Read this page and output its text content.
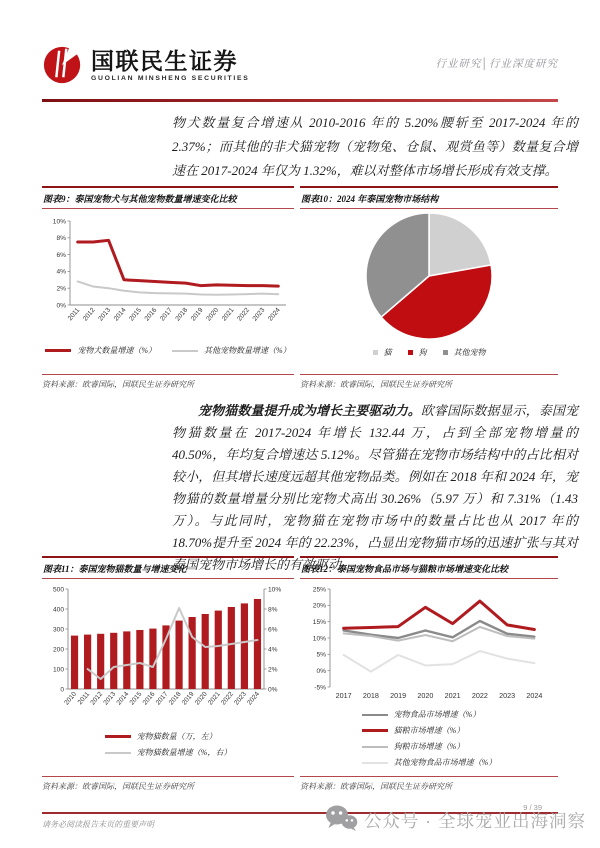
国联民生证券
GUOLIAN MINSHENG SECURITIES
行业研究│行业深度研究

物犬数量复合增速从 2010-2016 年的 5.20%腰斩至 2017-2024 年的 2.37%；而其他的非犬猫宠物（宠物兔、仓鼠、观赏鱼等）数量复合增速在 2017-2024 年仅为 1.32%，难以对整体市场增长形成有效支撑。

图表9：泰国宠物犬与其他宠物数量增速变化比较
0%
2%
4%
6%
8%
10%
2011 2012 2013 2014 2015 2016 2017 2018 2019 2020 2021 2022 2023 2024
宠物犬数量增速（%）	其他宠物数量增速（%）
资料来源：欧睿国际，国联民生证券研究所
图表10：2024 年泰国宠物市场结构
猫	狗	其他宠物
资料来源：欧睿国际，国联民生证券研究所

宠物猫数量提升成为增长主要驱动力。欧睿国际数据显示，泰国宠物猫数量在 2017-2024 年增长 132.44 万，占到全部宠物增量的 40.50%，年均复合增速达 5.12%。尽管猫在宠物市场结构中的占比相对较小，但其增长速度远超其他宠物品类。例如在 2018 年和 2024 年，宠物猫的数量增量分别比宠物犬高出 30.26%（5.97 万）和 7.31%（1.43 万）。与此同时，宠物猫在宠物市场中的数量占比也从 2017 年的 18.70%提升至 2024 年的 22.23%，凸显出宠物猫市场的迅速扩张与其对泰国宠物市场增长的有效驱动。

图表11：泰国宠物猫数量与增速变化
0
100
200
300
400
500
0%
2%
4%
6%
8%
10%
2010
2011
2012
2013
2014
2015
2016
2017
2018
2019
2020
2021
2022
2023
2024
宠物猫数量（万，左）
宠物猫数量增速（%，右）
资料来源：欧睿国际，国联民生证券研究所
图表12：泰国宠物食品市场与猫粮市场增速变化比较
-5%
0%
5%
10%
15%
20%
25%
2017 2018 2019 2020 2021 2022 2023 2024
宠物食品市场增速（%）
猫粮市场增速（%）
狗粮市场增速（%）
其他宠物食品市场增速（%）
资料来源：欧睿国际，国联民生证券研究所
请务必阅读报告末页的重要声明
9 / 39
公众号 · 全球宠业出海洞察
